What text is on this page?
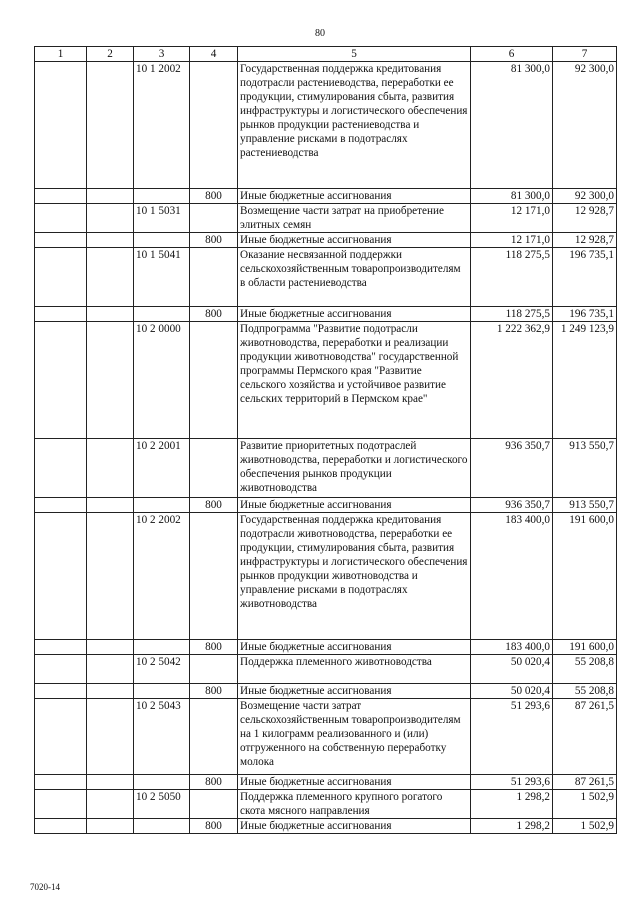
80
1	2	3	4	5	6	7
		10 1 2002		Государственная поддержка кредитования подотрасли растениеводства, переработки ее продукции, стимулирования сбыта, развития инфраструктуры и логистического обеспечения рынков продукции растениеводства и управление рисками в подотраслях растениеводства	81 300,0	92 300,0
			800	Иные бюджетные ассигнования	81 300,0	92 300,0
		10 1 5031		Возмещение части затрат на приобретение элитных семян	12 171,0	12 928,7
			800	Иные бюджетные ассигнования	12 171,0	12 928,7
		10 1 5041		Оказание несвязанной поддержки сельскохозяйственным товаропроизводителям в области растениеводства	118 275,5	196 735,1
			800	Иные бюджетные ассигнования	118 275,5	196 735,1
		10 2 0000		Подпрограмма "Развитие подотрасли животноводства, переработки и реализации продукции животноводства" государственной программы Пермского края "Развитие сельского хозяйства и устойчивое развитие сельских территорий в Пермском крае"	1 222 362,9	1 249 123,9
		10 2 2001		Развитие приоритетных подотраслей животноводства, переработки и логистического обеспечения рынков продукции животноводства	936 350,7	913 550,7
			800	Иные бюджетные ассигнования	936 350,7	913 550,7
		10 2 2002		Государственная поддержка кредитования подотрасли животноводства, переработки ее продукции, стимулирования сбыта, развития инфраструктуры и логистического обеспечения рынков продукции животноводства и управление рисками в подотраслях животноводства	183 400,0	191 600,0
			800	Иные бюджетные ассигнования	183 400,0	191 600,0
		10 2 5042		Поддержка племенного животноводства	50 020,4	55 208,8
			800	Иные бюджетные ассигнования	50 020,4	55 208,8
		10 2 5043		Возмещение части затрат сельскохозяйственным товаропроизводителям на 1 килограмм реализованного и (или) отгруженного на собственную переработку молока	51 293,6	87 261,5
			800	Иные бюджетные ассигнования	51 293,6	87 261,5
		10 2 5050		Поддержка племенного крупного рогатого скота мясного направления	1 298,2	1 502,9
			800	Иные бюджетные ассигнования	1 298,2	1 502,9
7020-14
